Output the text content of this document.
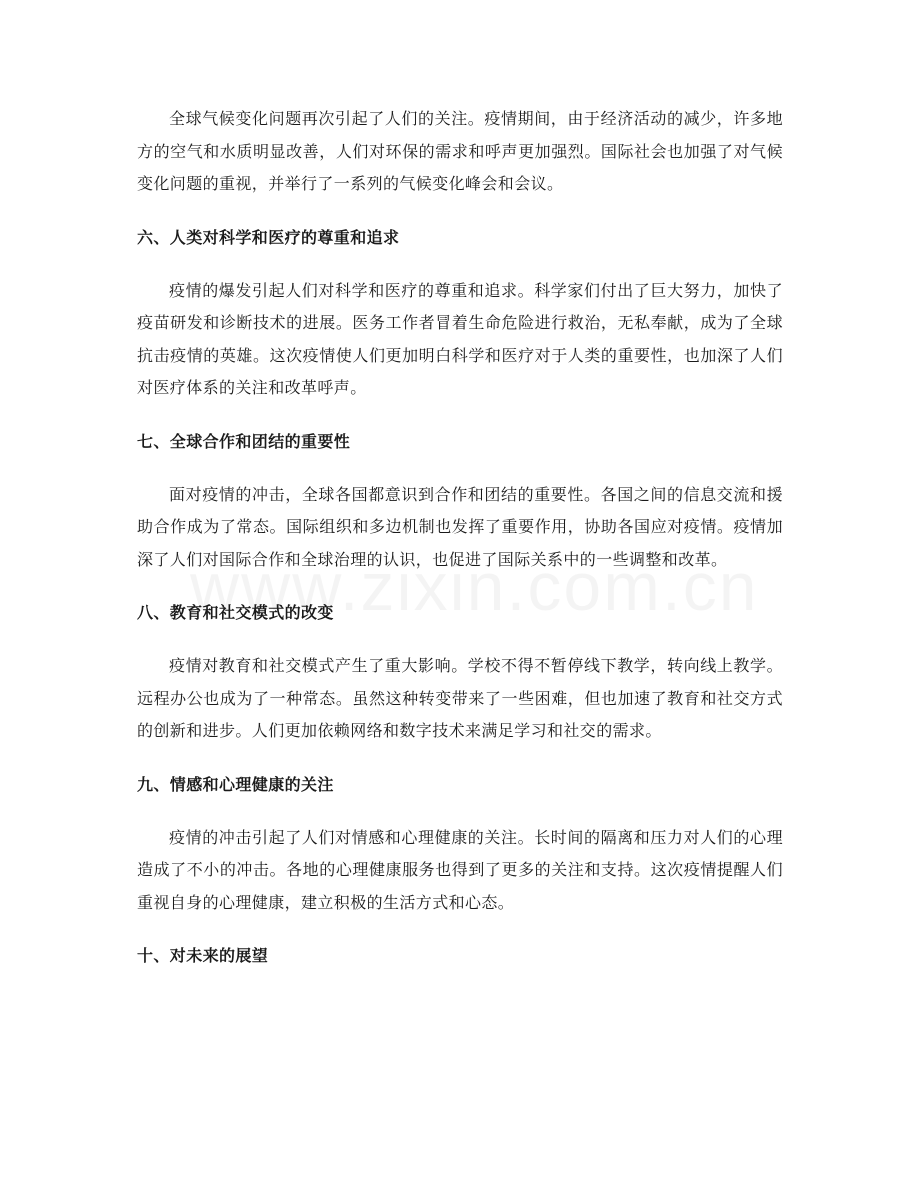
全球气候变化问题再次引起了人们的关注。疫情期间，由于经济活动的减少，许多地方的空气和水质明显改善，人们对环保的需求和呼声更加强烈。国际社会也加强了对气候变化问题的重视，并举行了一系列的气候变化峰会和会议。

六、人类对科学和医疗的尊重和追求

疫情的爆发引起人们对科学和医疗的尊重和追求。科学家们付出了巨大努力，加快了疫苗研发和诊断技术的进展。医务工作者冒着生命危险进行救治，无私奉献，成为了全球抗击疫情的英雄。这次疫情使人们更加明白科学和医疗对于人类的重要性，也加深了人们对医疗体系的关注和改革呼声。

七、全球合作和团结的重要性

面对疫情的冲击，全球各国都意识到合作和团结的重要性。各国之间的信息交流和援助合作成为了常态。国际组织和多边机制也发挥了重要作用，协助各国应对疫情。疫情加深了人们对国际合作和全球治理的认识，也促进了国际关系中的一些调整和改革。

八、教育和社交模式的改变

疫情对教育和社交模式产生了重大影响。学校不得不暂停线下教学，转向线上教学。远程办公也成为了一种常态。虽然这种转变带来了一些困难，但也加速了教育和社交方式的创新和进步。人们更加依赖网络和数字技术来满足学习和社交的需求。

九、情感和心理健康的关注

疫情的冲击引起了人们对情感和心理健康的关注。长时间的隔离和压力对人们的心理造成了不小的冲击。各地的心理健康服务也得到了更多的关注和支持。这次疫情提醒人们重视自身的心理健康，建立积极的生活方式和心态。

十、对未来的展望
